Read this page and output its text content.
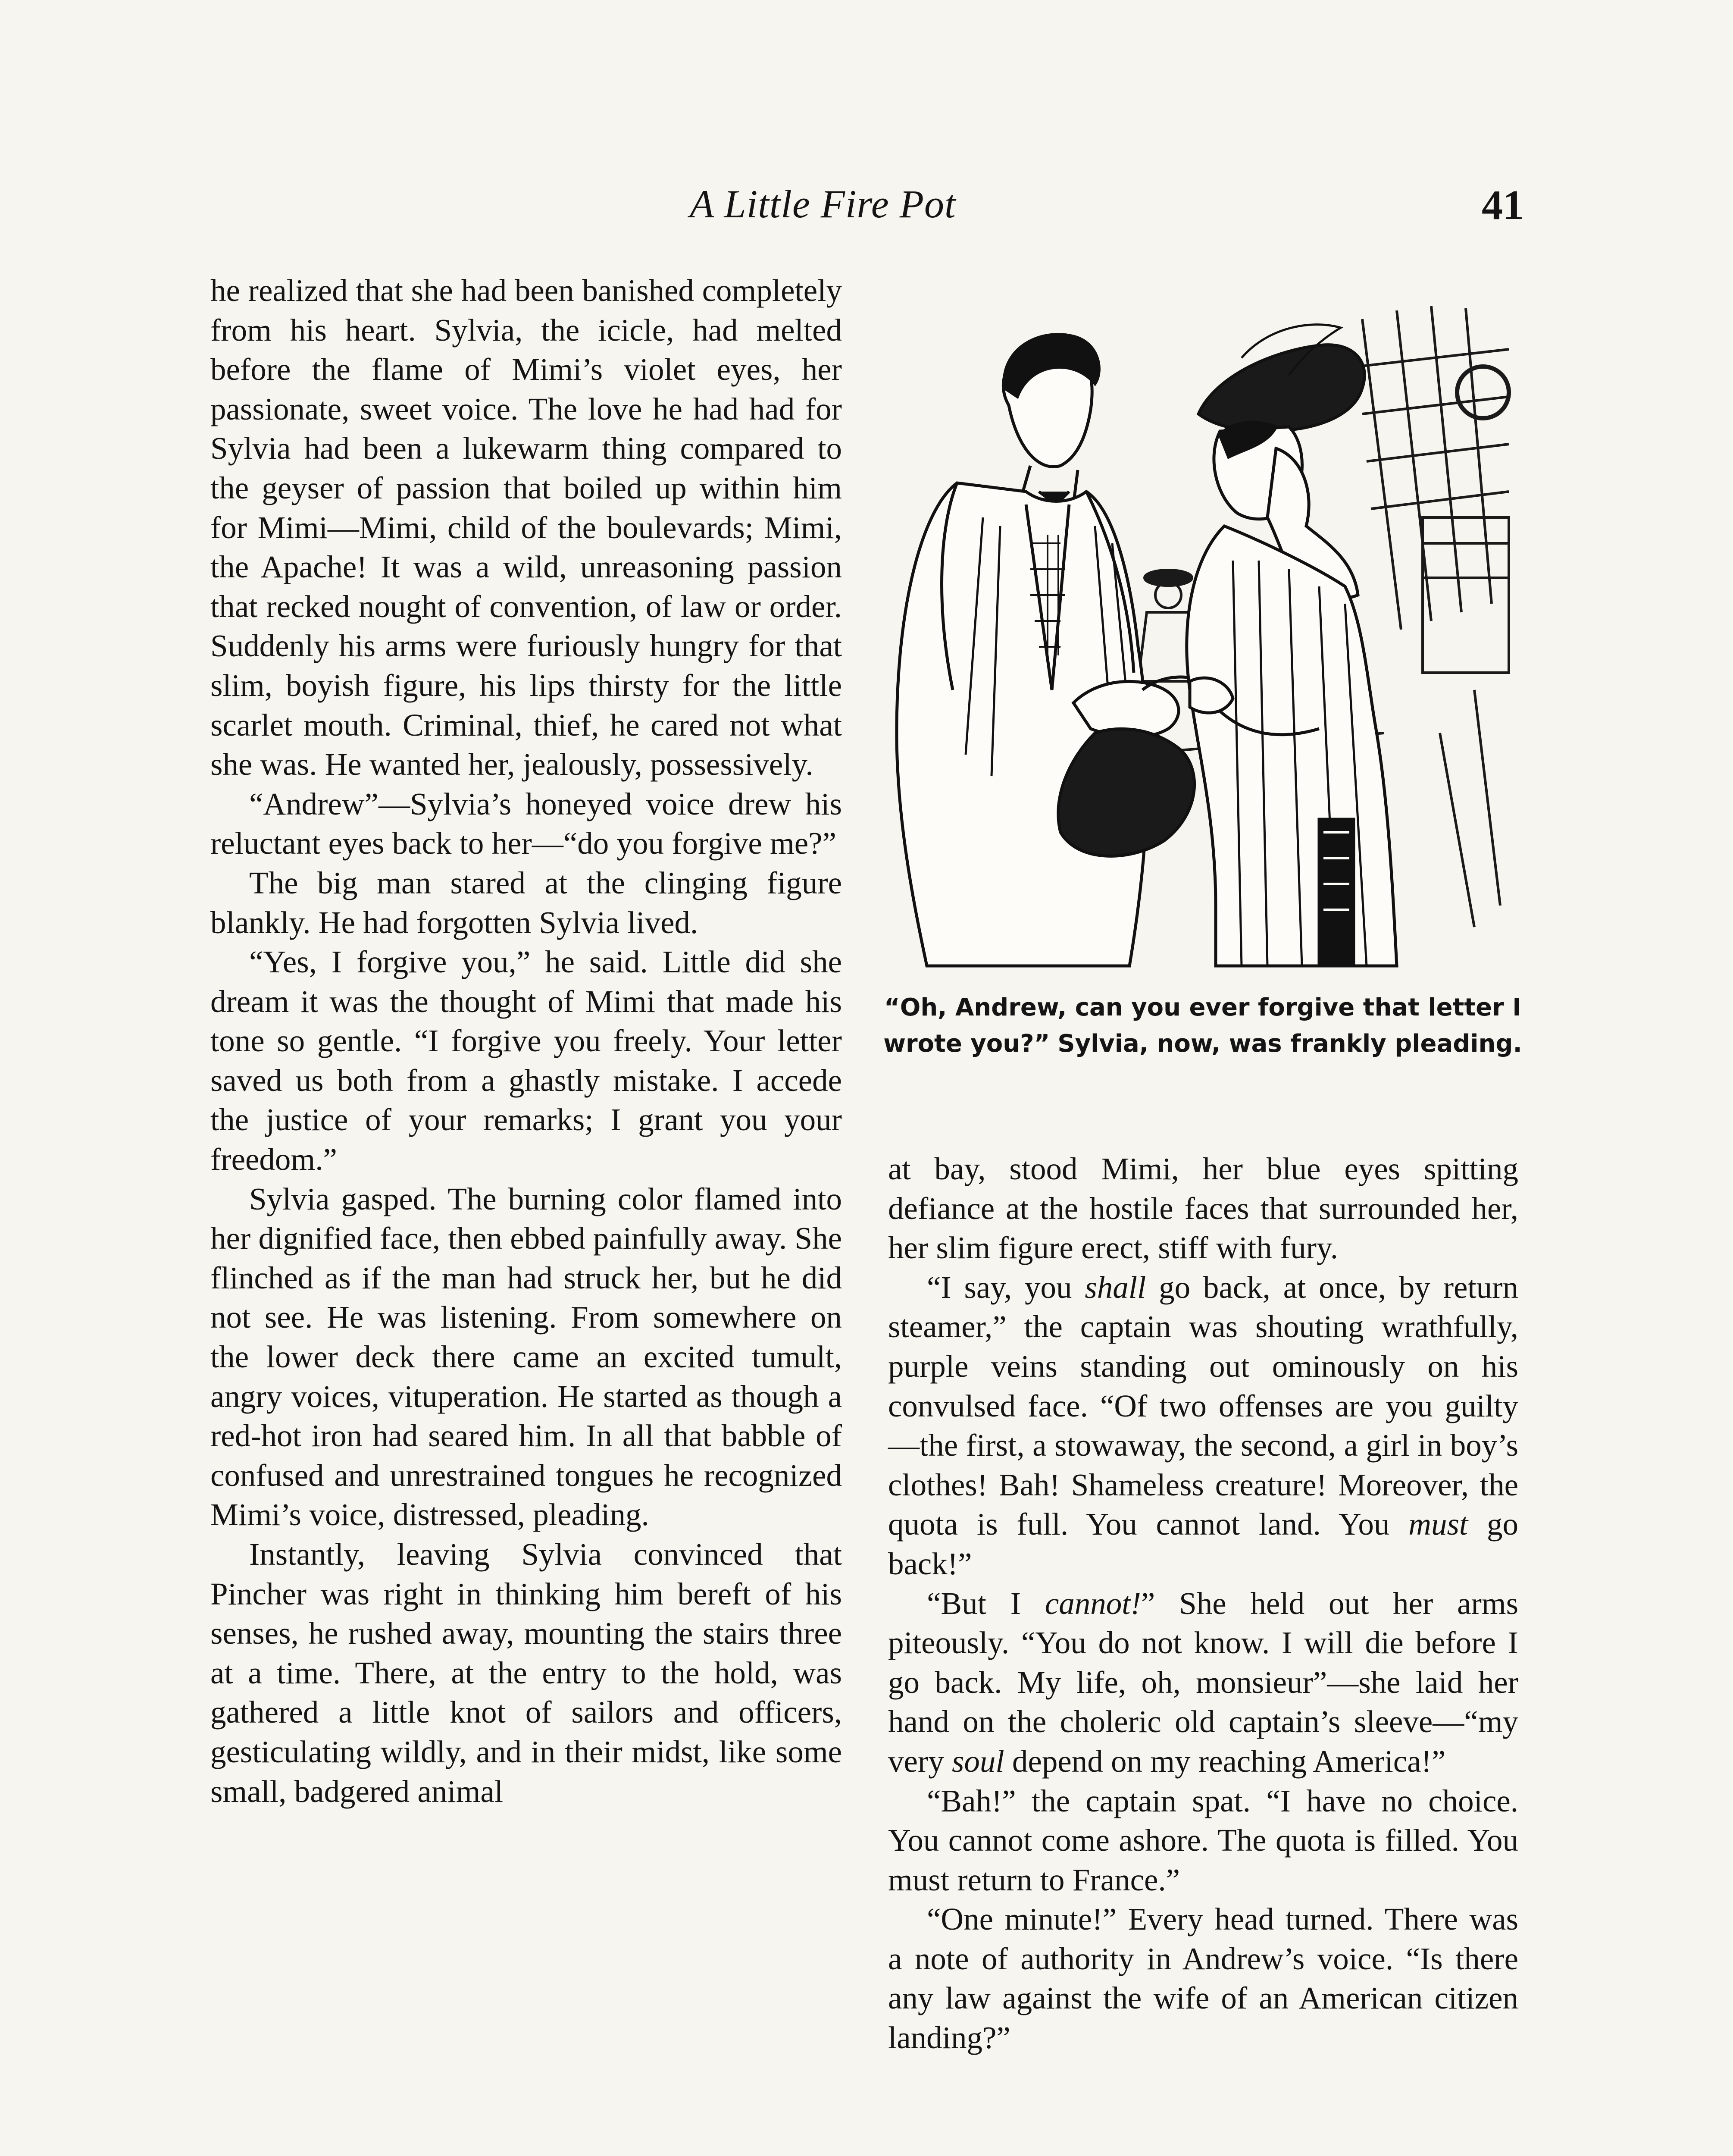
A Little Fire Pot	41

he realized that she had been banished completely from his heart. Sylvia, the icicle, had melted before the flame of Mimi’s violet eyes, her passionate, sweet voice. The love he had had for Sylvia had been a lukewarm thing compared to the geyser of passion that boiled up within him for Mimi—Mimi, child of the boulevards; Mimi, the Apache! It was a wild, unreasoning passion that recked nought of convention, of law or order. Suddenly his arms were furiously hungry for that slim, boyish figure, his lips thirsty for the little scarlet mouth. Criminal, thief, he cared not what she was. He wanted her, jealously, possessively.

“Andrew”—Sylvia’s honeyed voice drew his reluctant eyes back to her—“do you forgive me?”

The big man stared at the clinging figure blankly. He had forgotten Sylvia lived.

“Yes, I forgive you,” he said. Little did she dream it was the thought of Mimi that made his tone so gentle. “I forgive you freely. Your letter saved us both from a ghastly mistake. I accede the justice of your remarks; I grant you your freedom.”

Sylvia gasped. The burning color flamed into her dignified face, then ebbed painfully away. She flinched as if the man had struck her, but he did not see. He was listening. From somewhere on the lower deck there came an excited tumult, angry voices, vituperation. He started as though a red-hot iron had seared him. In all that babble of confused and unrestrained tongues he recognized Mimi’s voice, distressed, pleading.

Instantly, leaving Sylvia convinced that Pincher was right in thinking him bereft of his senses, he rushed away, mounting the stairs three at a time. There, at the entry to the hold, was gathered a little knot of sailors and officers, gesticulating wildly, and in their midst, like some small, badgered animal

“Oh, Andrew, can you ever forgive that letter I wrote you?” Sylvia, now, was frankly pleading.

at bay, stood Mimi, her blue eyes spitting defiance at the hostile faces that surrounded her, her slim figure erect, stiff with fury.

“I say, you shall go back, at once, by return steamer,” the captain was shouting wrathfully, purple veins standing out ominously on his convulsed face. “Of two offenses are you guilty—the first, a stowaway, the second, a girl in boy’s clothes! Bah! Shameless creature! Moreover, the quota is full. You cannot land. You must go back!”

“But I cannot!” She held out her arms piteously. “You do not know. I will die before I go back. My life, oh, monsieur”—she laid her hand on the choleric old captain’s sleeve—“my very soul depend on my reaching America!”

“Bah!” the captain spat. “I have no choice. You cannot come ashore. The quota is filled. You must return to France.”

“One minute!” Every head turned. There was a note of authority in Andrew’s voice. “Is there any law against the wife of an American citizen landing?”
